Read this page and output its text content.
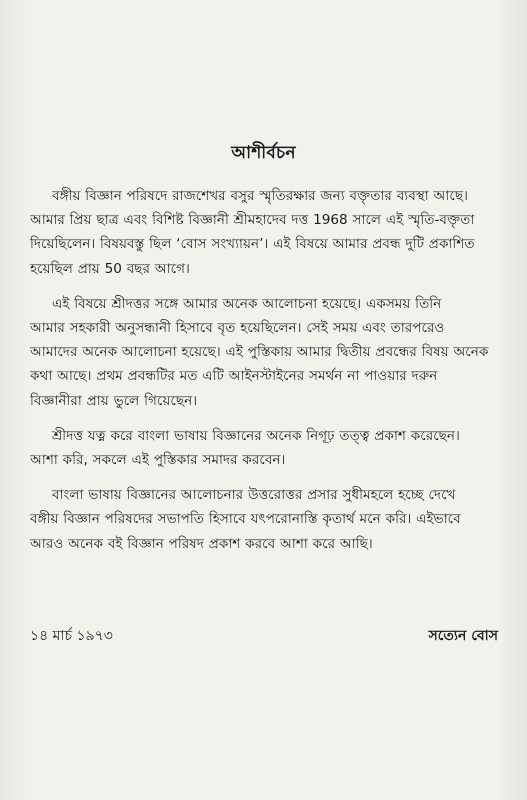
আশীর্বচন

বঙ্গীয় বিজ্ঞান পরিষদে রাজশেখর বসুর স্মৃতিরক্ষার জন্য বক্তৃতার ব্যবস্থা আছে।
আমার প্রিয় ছাত্র এবং বিশিষ্ট বিজ্ঞানী শ্রীমহাদেব দত্ত 1968 সালে এই স্মৃতি-বক্তৃতা
দিয়েছিলেন। বিষয়বস্তু ছিল ‘বোস সংখ্যায়ন’। এই বিষয়ে আমার প্রবন্ধ দুটি প্রকাশিত
হয়েছিল প্রায় 50 বছর আগে।

এই বিষয়ে শ্রীদত্তর সঙ্গে আমার অনেক আলোচনা হয়েছে। একসময় তিনি
আমার সহকারী অনুসন্ধানী হিসাবে বৃত হয়েছিলেন। সেই সময় এবং তারপরেও
আমাদের অনেক আলোচনা হয়েছে। এই পুস্তিকায় আমার দ্বিতীয় প্রবন্ধের বিষয় অনেক
কথা আছে। প্রথম প্রবন্ধটির মত এটি আইনস্টাইনের সমর্থন না পাওয়ার দরুন
বিজ্ঞানীরা প্রায় ভুলে গিয়েছেন।

শ্রীদত্ত যত্ন করে বাংলা ভাষায় বিজ্ঞানের অনেক নিগূঢ় তত্ত্ব প্রকাশ করেছেন।
আশা করি, সকলে এই পুস্তিকার সমাদর করবেন।

বাংলা ভাষায় বিজ্ঞানের আলোচনার উত্তরোত্তর প্রসার সুধীমহলে হচ্ছে দেখে
বঙ্গীয় বিজ্ঞান পরিষদের সভাপতি হিসাবে যৎপরোনাস্তি কৃতার্থ মনে করি। এইভাবে
আরও অনেক বই বিজ্ঞান পরিষদ প্রকাশ করবে আশা করে আছি।

১৪ মার্চ ১৯৭৩	সত্যেন বোস
